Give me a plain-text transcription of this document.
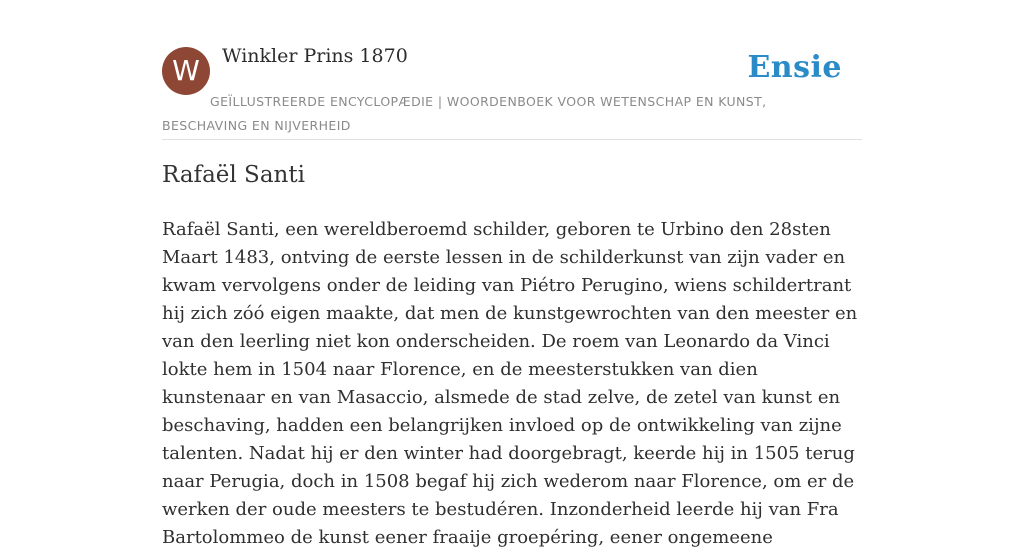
W	Winkler Prins 1870	Ensie
GEÏLLUSTREERDE ENCYCLOPÆDIE | WOORDENBOEK VOOR WETENSCHAP EN KUNST, BESCHAVING EN NIJVERHEID
Rafaël Santi

Rafaël Santi, een wereldberoemd schilder, geboren te Urbino den 28sten Maart 1483, ontving de eerste lessen in de schilderkunst van zijn vader en kwam vervolgens onder de leiding van Piétro Perugino, wiens schildertrant hij zich zóó eigen maakte, dat men de kunstgewrochten van den meester en van den leerling niet kon onderscheiden. De roem van Leonardo da Vinci lokte hem in 1504 naar Florence, en de meesterstukken van dien kunstenaar en van Masaccio, alsmede de stad zelve, de zetel van kunst en beschaving, hadden een belangrijken invloed op de ontwikkeling van zijne talenten. Nadat hij er den winter had doorgebragt, keerde hij in 1505 terug naar Perugia, doch in 1508 begaf hij zich wederom naar Florence, om er de werken der oude meesters te bestudéren. Inzonderheid leerde hij van Fra Bartolommeo de kunst eener fraaije groepéring, eener ongemeene
